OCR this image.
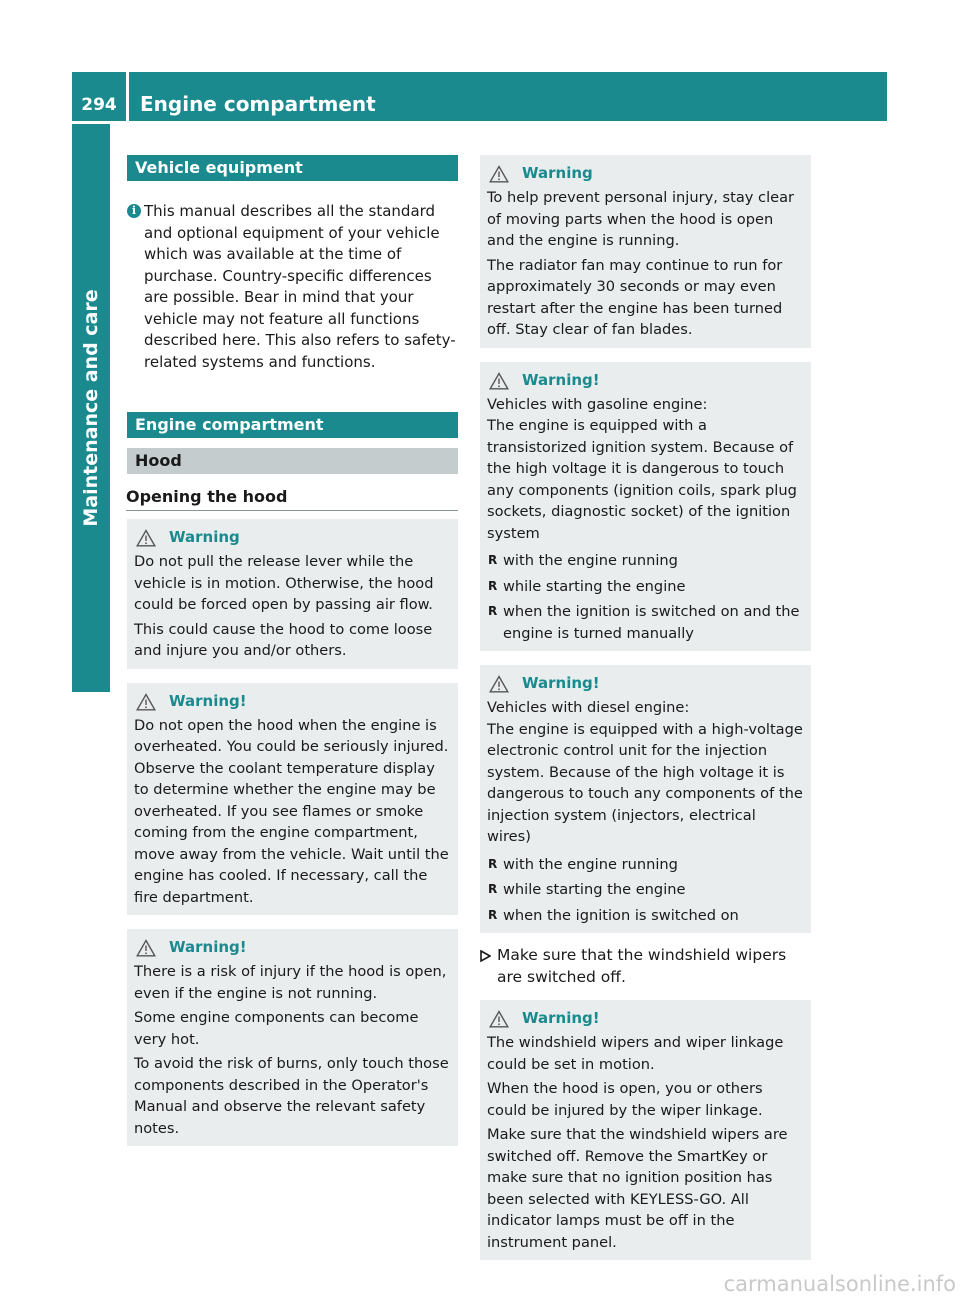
294	Engine compartment
Maintenance and care
Vehicle equipment
i This manual describes all the standard and optional equipment of your vehicle which was available at the time of purchase. Country-specific differences are possible. Bear in mind that your vehicle may not feature all functions described here. This also refers to safety-related systems and functions.
Engine compartment
Hood
Opening the hood
Warning

Do not pull the release lever while the vehicle is in motion. Otherwise, the hood could be forced open by passing air flow.

This could cause the hood to come loose and injure you and/or others.

Warning!

Do not open the hood when the engine is overheated. You could be seriously injured. Observe the coolant temperature display to determine whether the engine may be overheated. If you see flames or smoke coming from the engine compartment, move away from the vehicle. Wait until the engine has cooled. If necessary, call the fire department.

Warning!

There is a risk of injury if the hood is open, even if the engine is not running.

Some engine components can become very hot.

To avoid the risk of burns, only touch those components described in the Operator's Manual and observe the relevant safety notes.

Warning

To help prevent personal injury, stay clear of moving parts when the hood is open and the engine is running.

The radiator fan may continue to run for approximately 30 seconds or may even restart after the engine has been turned off. Stay clear of fan blades.

Warning!

Vehicles with gasoline engine:

The engine is equipped with a transistorized ignition system. Because of the high voltage it is dangerous to touch any components (ignition coils, spark plug sockets, diagnostic socket) of the ignition system

R with the engine running
R while starting the engine
R when the ignition is switched on and the engine is turned manually
Warning!

Vehicles with diesel engine:

The engine is equipped with a high-voltage electronic control unit for the injection system. Because of the high voltage it is dangerous to touch any components of the injection system (injectors, electrical wires)

R with the engine running
R while starting the engine
R when the ignition is switched on
Make sure that the windshield wipers are switched off.
Warning!

The windshield wipers and wiper linkage could be set in motion.

When the hood is open, you or others could be injured by the wiper linkage.

Make sure that the windshield wipers are switched off. Remove the SmartKey or make sure that no ignition position has been selected with KEYLESS-GO. All indicator lamps must be off in the instrument panel.

carmanualsonline.info
